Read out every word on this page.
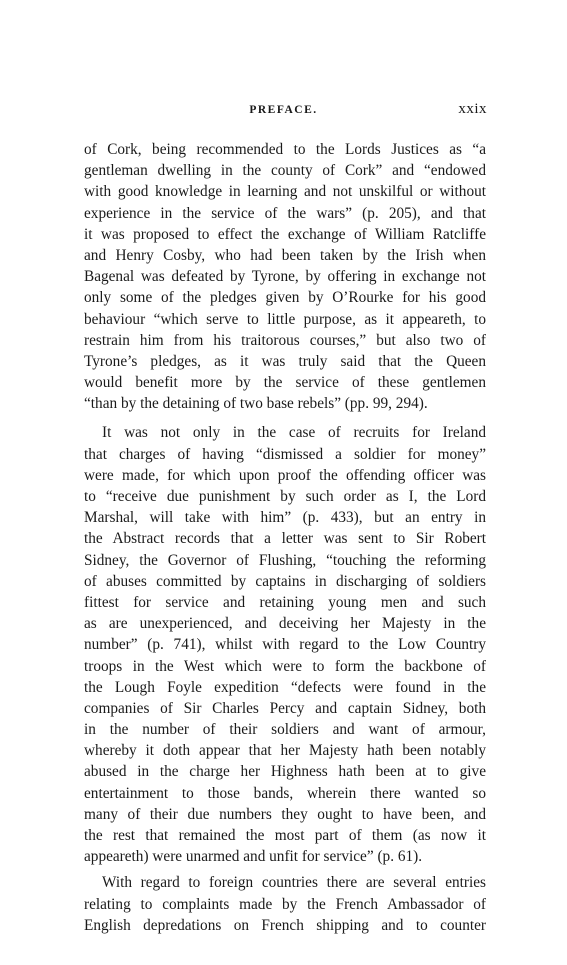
PREFACE.	xxix
of Cork, being recommended to the Lords Justices as “a
gentleman dwelling in the county of Cork” and “endowed
with good knowledge in learning and not unskilful or without
experience in the service of the wars” (p. 205), and that
it was proposed to effect the exchange of William Ratcliffe
and Henry Cosby, who had been taken by the Irish when
Bagenal was defeated by Tyrone, by offering in exchange not
only some of the pledges given by O’Rourke for his good
behaviour “which serve to little purpose, as it appeareth, to
restrain him from his traitorous courses,” but also two of
Tyrone’s pledges, as it was truly said that the Queen
would benefit more by the service of these gentlemen
“than by the detaining of two base rebels” (pp. 99, 294).
It was not only in the case of recruits for Ireland
that charges of having “dismissed a soldier for money”
were made, for which upon proof the offending officer was
to “receive due punishment by such order as I, the Lord
Marshal, will take with him” (p. 433), but an entry in
the Abstract records that a letter was sent to Sir Robert
Sidney, the Governor of Flushing, “touching the reforming
of abuses committed by captains in discharging of soldiers
fittest for service and retaining young men and such
as are unexperienced, and deceiving her Majesty in the
number” (p. 741), whilst with regard to the Low Country
troops in the West which were to form the backbone of
the Lough Foyle expedition “defects were found in the
companies of Sir Charles Percy and captain Sidney, both
in the number of their soldiers and want of armour,
whereby it doth appear that her Majesty hath been notably
abused in the charge her Highness hath been at to give
entertainment to those bands, wherein there wanted so
many of their due numbers they ought to have been, and
the rest that remained the most part of them (as now it
appeareth) were unarmed and unfit for service” (p. 61).
With regard to foreign countries there are several entries
relating to complaints made by the French Ambassador of
English depredations on French shipping and to counter
